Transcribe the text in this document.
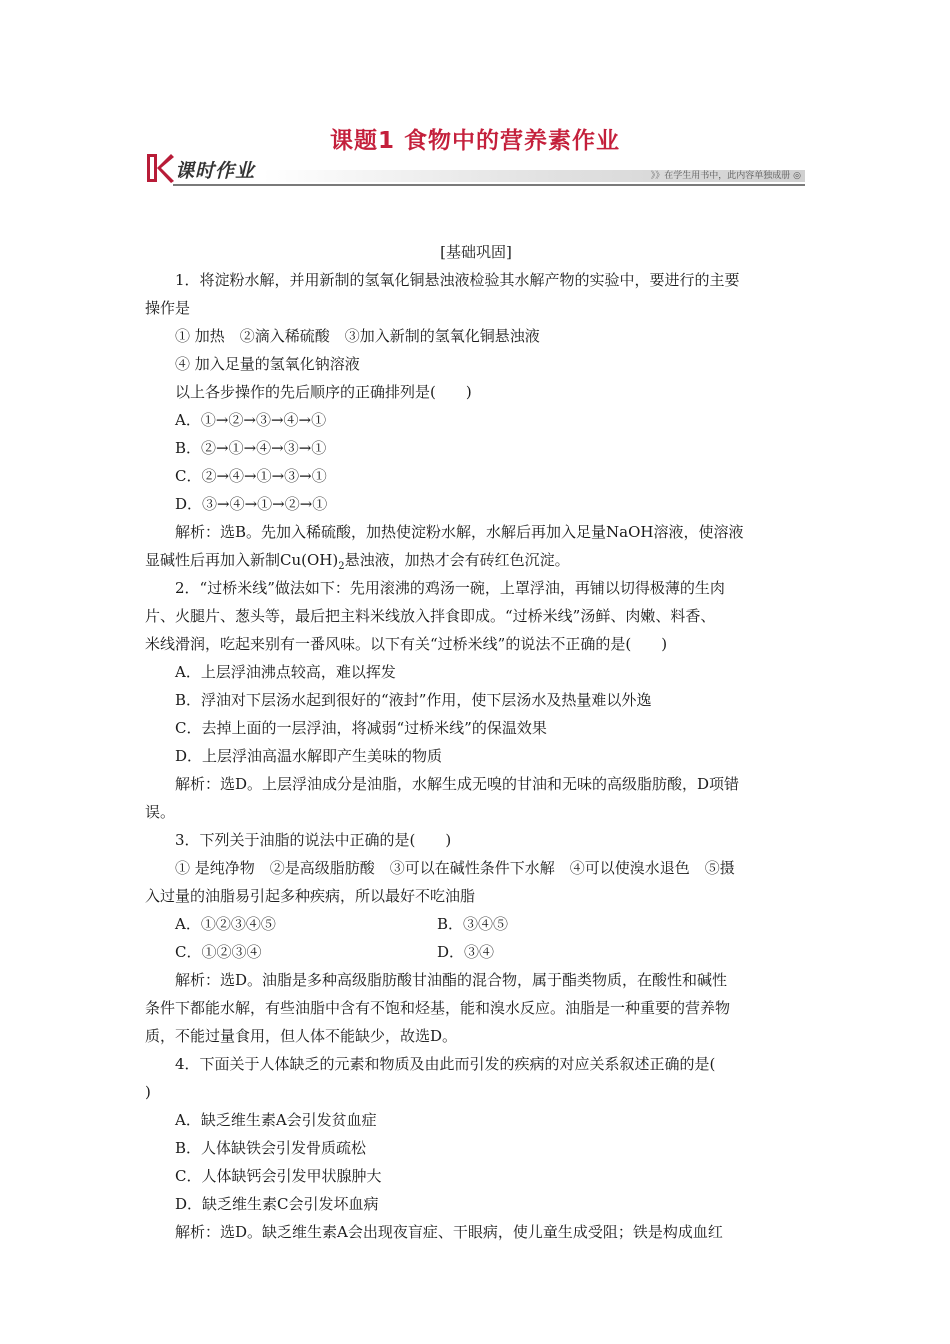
课题1 食物中的营养素作业
课时作业	》》在学生用书中，此内容单独成册 ◎

[基础巩固]

1．将淀粉水解，并用新制的氢氧化铜悬浊液检验其水解产物的实验中，要进行的主要

操作是

① 加热　②滴入稀硫酸　③加入新制的氢氧化铜悬浊液

④ 加入足量的氢氧化钠溶液

以上各步操作的先后顺序的正确排列是(　　)

A．①→②→③→④→①

B．②→①→④→③→①

C．②→④→①→③→①

D．③→④→①→②→①

解析：选B。先加入稀硫酸，加热使淀粉水解，水解后再加入足量NaOH溶液，使溶液

显碱性后再加入新制$Cu(OH)_2$悬浊液，加热才会有砖红色沉淀。

2．“过桥米线”做法如下：先用滚沸的鸡汤一碗，上罩浮油，再铺以切得极薄的生肉

片、火腿片、葱头等，最后把主料米线放入拌食即成。“过桥米线”汤鲜、肉嫩、料香、

米线滑润，吃起来别有一番风味。以下有关“过桥米线”的说法不正确的是(　　)

A．上层浮油沸点较高，难以挥发

B．浮油对下层汤水起到很好的“液封”作用，使下层汤水及热量难以外逸

C．去掉上面的一层浮油，将减弱“过桥米线”的保温效果

D．上层浮油高温水解即产生美味的物质

解析：选D。上层浮油成分是油脂，水解生成无嗅的甘油和无味的高级脂肪酸，D项错

误。

3．下列关于油脂的说法中正确的是(　　)

① 是纯净物　②是高级脂肪酸　③可以在碱性条件下水解　④可以使溴水退色　⑤摄

入过量的油脂易引起多种疾病，所以最好不吃油脂

A．①②③④⑤	B．③④⑤
C．①②③④	D．③④

解析：选D。油脂是多种高级脂肪酸甘油酯的混合物，属于酯类物质，在酸性和碱性

条件下都能水解，有些油脂中含有不饱和烃基，能和溴水反应。油脂是一种重要的营养物

质，不能过量食用，但人体不能缺少，故选D。

4．下面关于人体缺乏的元素和物质及由此而引发的疾病的对应关系叙述正确的是(

)

A．缺乏维生素A会引发贫血症

B．人体缺铁会引发骨质疏松

C．人体缺钙会引发甲状腺肿大

D．缺乏维生素C会引发坏血病

解析：选D。缺乏维生素A会出现夜盲症、干眼病，使儿童生成受阻；铁是构成血红
